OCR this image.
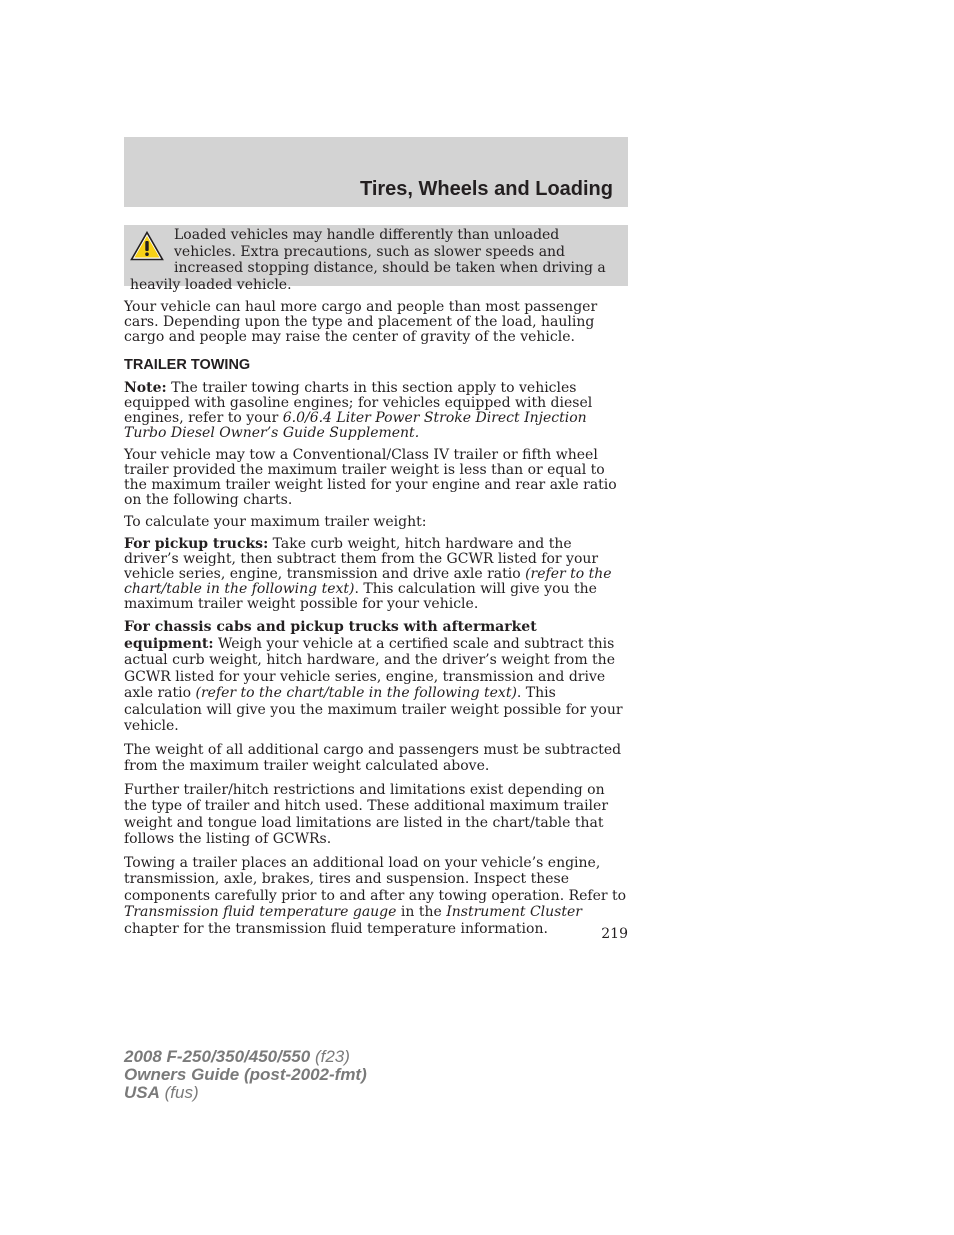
Tires, Wheels and Loading
Loaded vehicles may handle differently than unloaded vehicles. Extra precautions, such as slower speeds and increased stopping distance, should be taken when driving a heavily loaded vehicle.

Your vehicle can haul more cargo and people than most passenger cars. Depending upon the type and placement of the load, hauling cargo and people may raise the center of gravity of the vehicle.

TRAILER TOWING

Note: The trailer towing charts in this section apply to vehicles equipped with gasoline engines; for vehicles equipped with diesel engines, refer to your 6.0/6.4 Liter Power Stroke Direct Injection Turbo Diesel Owner’s Guide Supplement.

Your vehicle may tow a Conventional/Class IV trailer or fifth wheel trailer provided the maximum trailer weight is less than or equal to the maximum trailer weight listed for your engine and rear axle ratio on the following charts.

To calculate your maximum trailer weight:

For pickup trucks: Take curb weight, hitch hardware and the driver’s weight, then subtract them from the GCWR listed for your vehicle series, engine, transmission and drive axle ratio (refer to the chart/table in the following text). This calculation will give you the maximum trailer weight possible for your vehicle.

For chassis cabs and pickup trucks with aftermarket equipment: Weigh your vehicle at a certified scale and subtract this actual curb weight, hitch hardware, and the driver’s weight from the GCWR listed for your vehicle series, engine, transmission and drive axle ratio (refer to the chart/table in the following text). This calculation will give you the maximum trailer weight possible for your vehicle.

The weight of all additional cargo and passengers must be subtracted from the maximum trailer weight calculated above.

Further trailer/hitch restrictions and limitations exist depending on the type of trailer and hitch used. These additional maximum trailer weight and tongue load limitations are listed in the chart/table that follows the listing of GCWRs.

Towing a trailer places an additional load on your vehicle’s engine, transmission, axle, brakes, tires and suspension. Inspect these components carefully prior to and after any towing operation. Refer to Transmission fluid temperature gauge in the Instrument Cluster chapter for the transmission fluid temperature information.	219
2008 F-250/350/450/550 (f23)
Owners Guide (post-2002-fmt)
USA (fus)
